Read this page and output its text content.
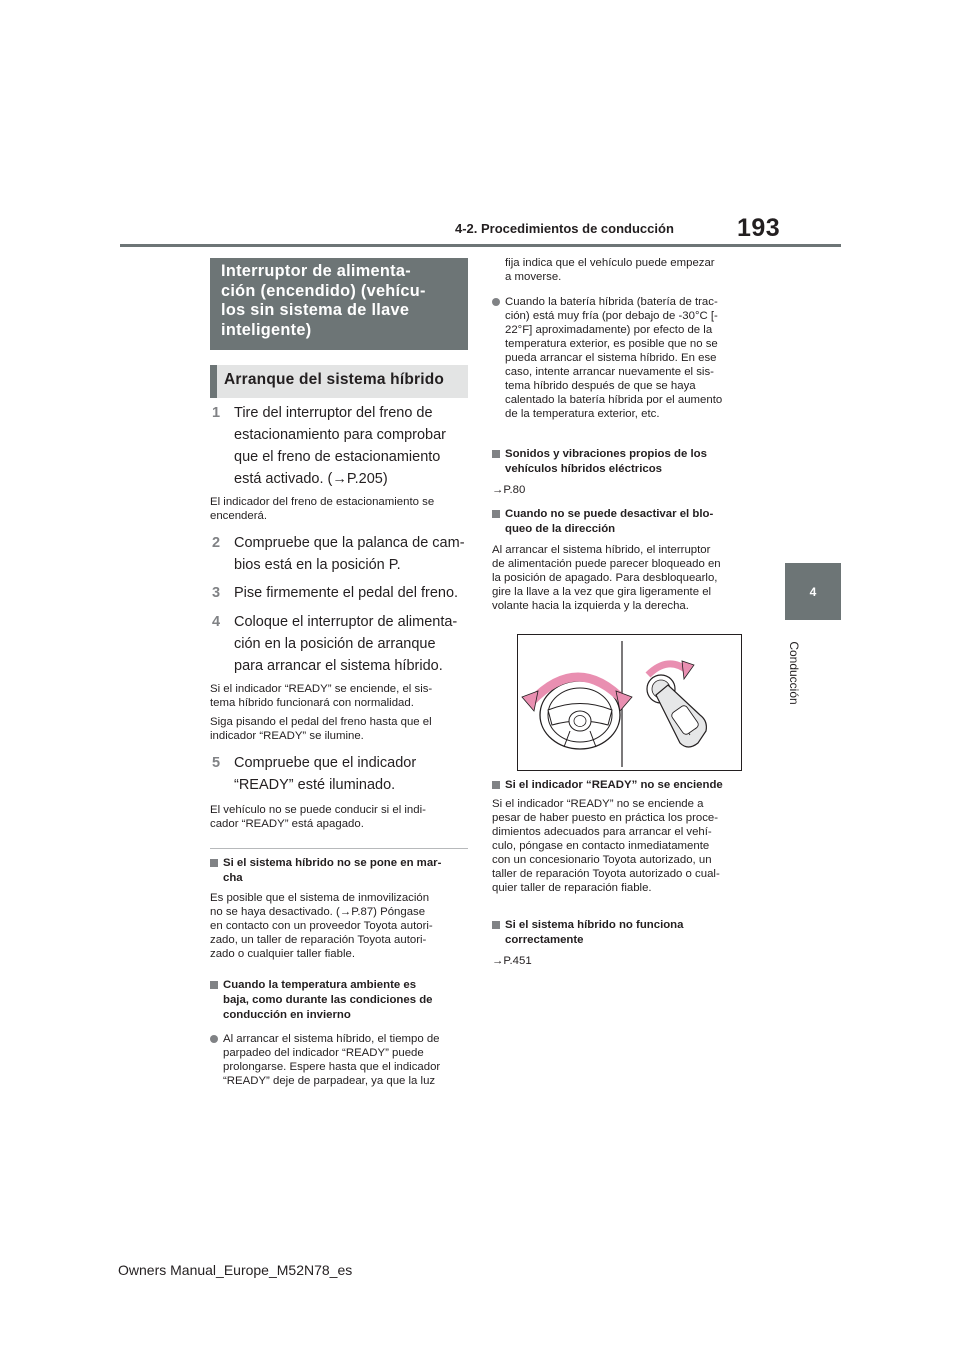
193
4-2. Procedimientos de conducción
4
Conducción
Interruptor de alimenta-
ción (encendido) (vehícu-
los sin sistema de llave
inteligente)
Arranque del sistema híbrido
1 Tire del interruptor del freno de
estacionamiento para comprobar
que el freno de estacionamiento
está activado. (→P.205)
El indicador del freno de estacionamiento se
encenderá.
2 Compruebe que la palanca de cam-
bios está en la posición P.
3 Pise firmemente el pedal del freno.
4 Coloque el interruptor de alimenta-
ción en la posición de arranque
para arrancar el sistema híbrido.
Si el indicador “READY” se enciende, el sis-
tema híbrido funcionará con normalidad.
Siga pisando el pedal del freno hasta que el
indicador “READY” se ilumine.
5 Compruebe que el indicador
“READY” esté iluminado.
El vehículo no se puede conducir si el indi-
cador “READY” está apagado.
Si el sistema híbrido no se pone en mar-
cha
Es posible que el sistema de inmovilización
no se haya desactivado. (→P.87) Póngase
en contacto con un proveedor Toyota autori-
zado, un taller de reparación Toyota autori-
zado o cualquier taller fiable.
Cuando la temperatura ambiente es
baja, como durante las condiciones de
conducción en invierno
Al arrancar el sistema híbrido, el tiempo de
parpadeo del indicador “READY” puede
prolongarse. Espere hasta que el indicador
“READY” deje de parpadear, ya que la luz
fija indica que el vehículo puede empezar
a moverse.
Cuando la batería híbrida (batería de trac-
ción) está muy fría (por debajo de -30°C [-
22°F] aproximadamente) por efecto de la
temperatura exterior, es posible que no se
pueda arrancar el sistema híbrido. En ese
caso, intente arrancar nuevamente el sis-
tema híbrido después de que se haya
calentado la batería híbrida por el aumento
de la temperatura exterior, etc.
Sonidos y vibraciones propios de los
vehículos híbridos eléctricos
→P.80
Cuando no se puede desactivar el blo-
queo de la dirección
Al arrancar el sistema híbrido, el interruptor
de alimentación puede parecer bloqueado en
la posición de apagado. Para desbloquearlo,
gire la llave a la vez que gira ligeramente el
volante hacia la izquierda y la derecha.
Si el indicador “READY” no se enciende
Si el indicador “READY” no se enciende a
pesar de haber puesto en práctica los proce-
dimientos adecuados para arrancar el vehí-
culo, póngase en contacto inmediatamente
con un concesionario Toyota autorizado, un
taller de reparación Toyota autorizado o cual-
quier taller de reparación fiable.
Si el sistema híbrido no funciona
correctamente
→P.451
Owners Manual_Europe_M52N78_es
